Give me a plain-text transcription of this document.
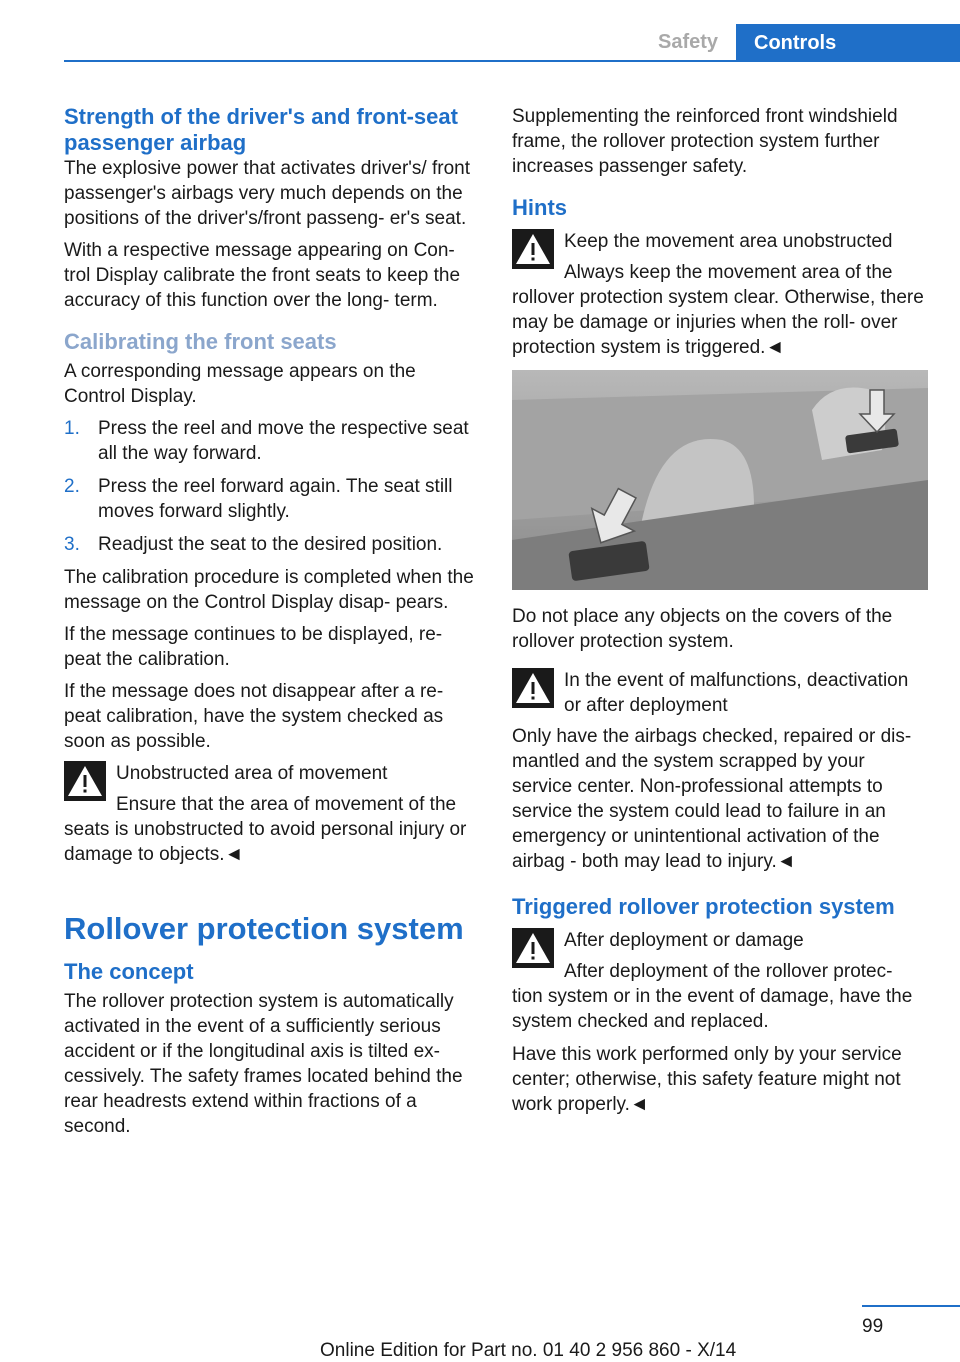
Safety	Controls
Strength of the driver's and front-seat passenger airbag

The explosive power that activates driver's/ front passenger's airbags very much depends on the positions of the driver's/front passeng‐ er's seat.

With a respective message appearing on Con‐ trol Display calibrate the front seats to keep the accuracy of this function over the long- term.

Calibrating the front seats

A corresponding message appears on the Control Display.

1. Press the reel and move the respective seat all the way forward.
2. Press the reel forward again. The seat still moves forward slightly.
3. Readjust the seat to the desired position.

The calibration procedure is completed when the message on the Control Display disap‐ pears.

If the message continues to be displayed, re‐ peat the calibration.

If the message does not disappear after a re‐ peat calibration, have the system checked as soon as possible.

Unobstructed area of movement
Ensure that the area of movement of the seats is unobstructed to avoid personal injury or damage to objects.◄
Rollover protection system
The concept

The rollover protection system is automatically activated in the event of a sufficiently serious accident or if the longitudinal axis is tilted ex‐ cessively. The safety frames located behind the rear headrests extend within fractions of a second.

Supplementing the reinforced front windshield frame, the rollover protection system further increases passenger safety.

Hints
Keep the movement area unobstructed
Always keep the movement area of the rollover protection system clear. Otherwise, there may be damage or injuries when the roll‐ over protection system is triggered.◄

Do not place any objects on the covers of the rollover protection system.

In the event of malfunctions, deactivation or after deployment
Only have the airbags checked, repaired or dis‐ mantled and the system scrapped by your service center. Non-professional attempts to service the system could lead to failure in an emergency or unintentional activation of the airbag - both may lead to injury.◄
Triggered rollover protection system
After deployment or damage
After deployment of the rollover protec‐ tion system or in the event of damage, have the system checked and replaced.

Have this work performed only by your service center; otherwise, this safety feature might not work properly.◄

99
Online Edition for Part no. 01 40 2 956 860 - X/14
